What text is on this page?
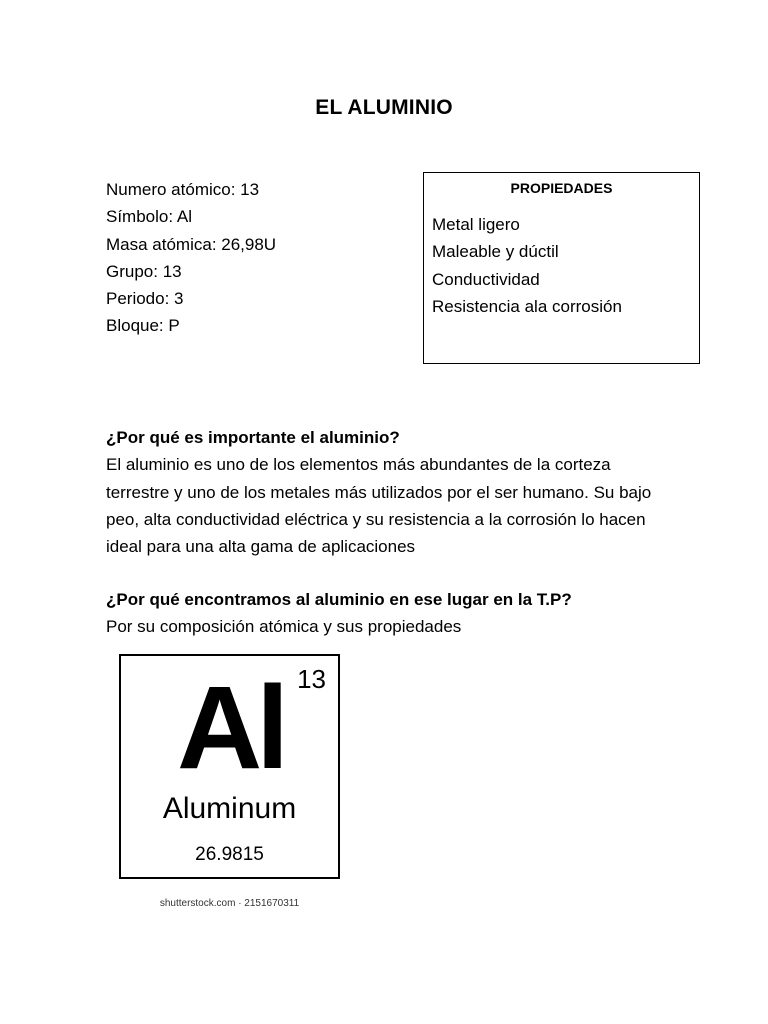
EL ALUMINIO
Numero atómico: 13
Símbolo: Al
Masa atómica: 26,98U
Grupo: 13
Periodo: 3
Bloque: P
PROPIEDADES
Metal ligero
Maleable y dúctil
Conductividad
Resistencia ala corrosión
¿Por qué es importante el aluminio?
El aluminio es uno de los elementos más abundantes de la corteza terrestre y uno de los metales más utilizados por el ser humano. Su bajo peo, alta conductividad eléctrica y su resistencia a la corrosión lo hacen ideal para una alta gama de aplicaciones
¿Por qué encontramos al aluminio en ese lugar en la T.P?
Por su composición atómica y sus propiedades
13
Al
Aluminum
26.9815
shutterstock.com · 2151670311
